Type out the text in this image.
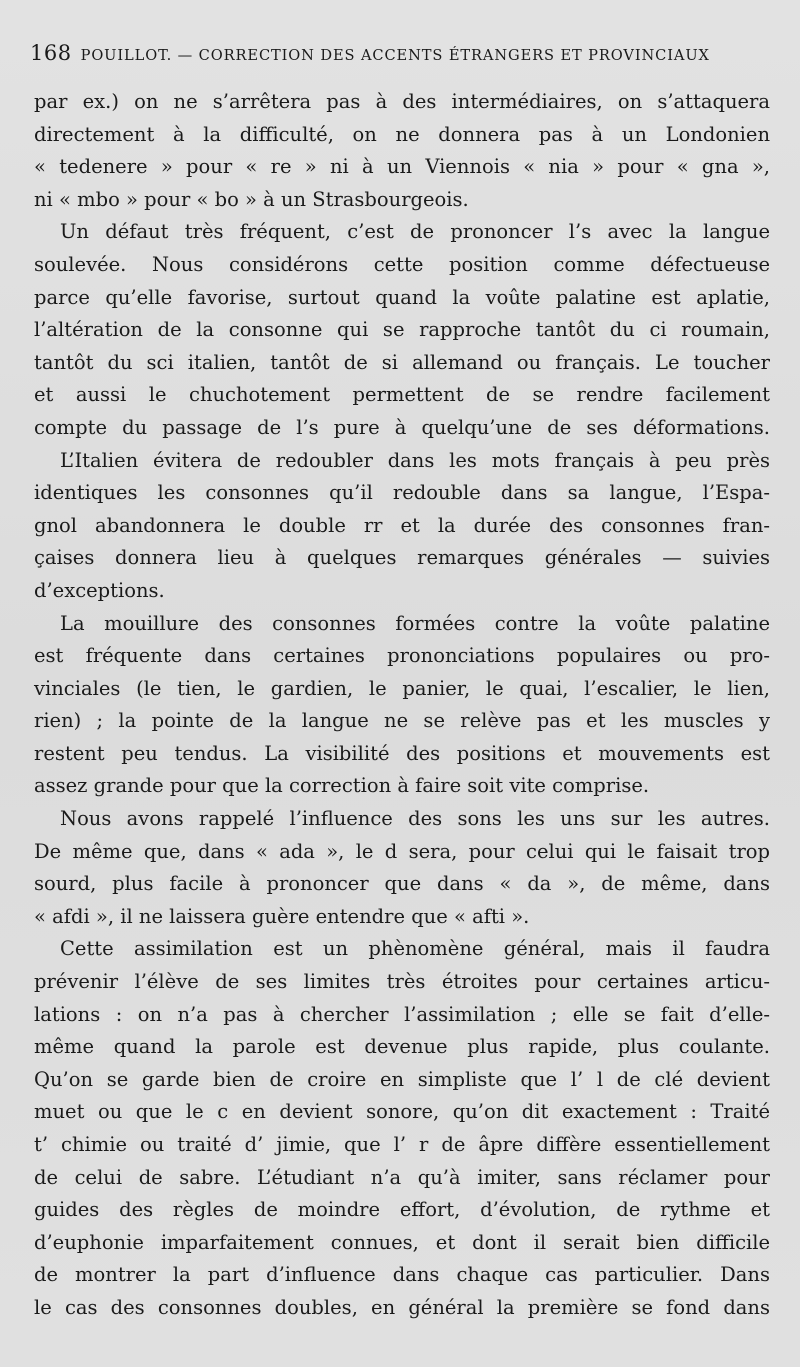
168 POUILLOT. — CORRECTION DES ACCENTS ÉTRANGERS ET PROVINCIAUX
par ex.) on ne s’arrêtera pas à des intermédiaires, on s’attaquera
directement à la difficulté, on ne donnera pas à un Londonien
« tedenere » pour « re » ni à un Viennois « nia » pour « gna »,
ni « mbo » pour « bo » à un Strasbourgeois.
Un défaut très fréquent, c’est de prononcer l’s avec la langue
soulevée. Nous considérons cette position comme défectueuse
parce qu’elle favorise, surtout quand la voûte palatine est aplatie,
l’altération de la consonne qui se rapproche tantôt du ci roumain,
tantôt du sci italien, tantôt de si allemand ou français. Le toucher
et aussi le chuchotement permettent de se rendre facilement
compte du passage de l’s pure à quelqu’une de ses déformations.
L’Italien évitera de redoubler dans les mots français à peu près
identiques les consonnes qu’il redouble dans sa langue, l’Espa-
gnol abandonnera le double rr et la durée des consonnes fran-
çaises donnera lieu à quelques remarques générales — suivies
d’exceptions.
La mouillure des consonnes formées contre la voûte palatine
est fréquente dans certaines prononciations populaires ou pro-
vinciales (le tien, le gardien, le panier, le quai, l’escalier, le lien,
rien) ; la pointe de la langue ne se relève pas et les muscles y
restent peu tendus. La visibilité des positions et mouvements est
assez grande pour que la correction à faire soit vite comprise.
Nous avons rappelé l’influence des sons les uns sur les autres.
De même que, dans « ada », le d sera, pour celui qui le faisait trop
sourd, plus facile à prononcer que dans « da », de même, dans
« afdi », il ne laissera guère entendre que « afti ».
Cette assimilation est un phènomène général, mais il faudra
prévenir l’élève de ses limites très étroites pour certaines articu-
lations : on n’a pas à chercher l’assimilation ; elle se fait d’elle-
même quand la parole est devenue plus rapide, plus coulante.
Qu’on se garde bien de croire en simpliste que l’ l de clé devient
muet ou que le c en devient sonore, qu’on dit exactement : Traité
t’ chimie ou traité d’ jimie, que l’ r de âpre diffère essentiellement
de celui de sabre. L’étudiant n’a qu’à imiter, sans réclamer pour
guides des règles de moindre effort, d’évolution, de rythme et
d’euphonie imparfaitement connues, et dont il serait bien difficile
de montrer la part d’influence dans chaque cas particulier. Dans
le cas des consonnes doubles, en général la première se fond dans
